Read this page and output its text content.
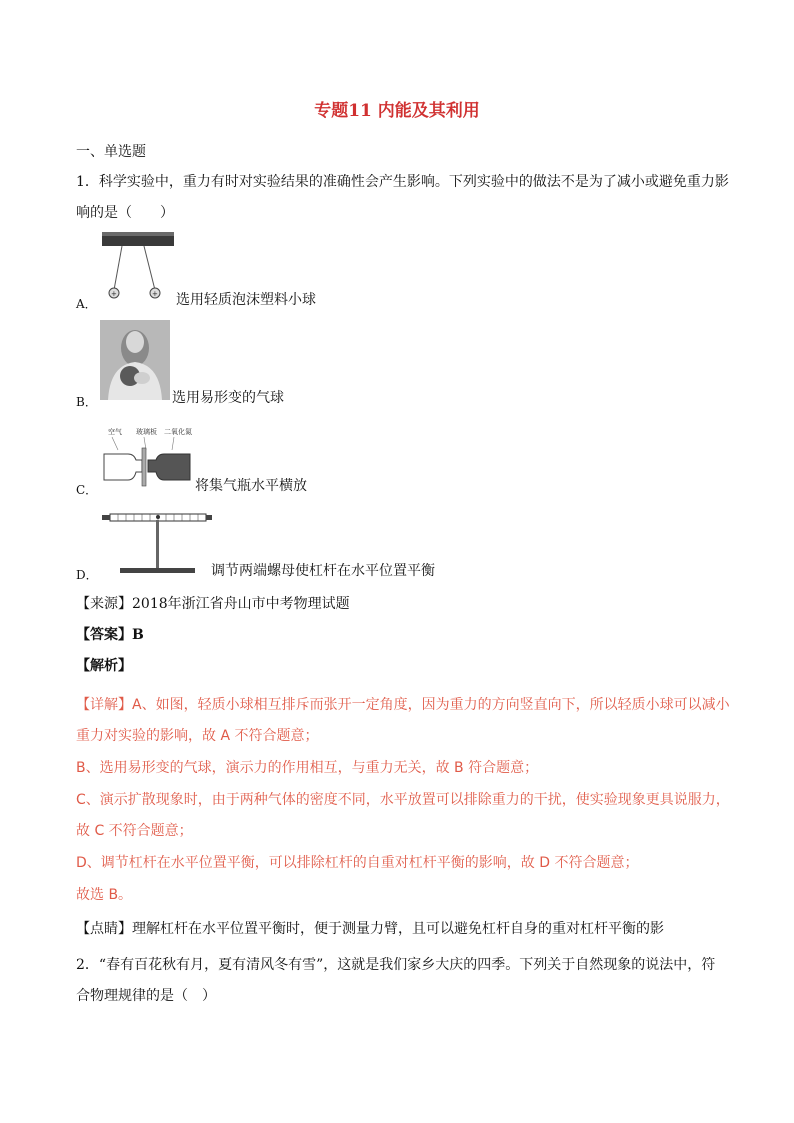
专题11 内能及其利用
一、单选题
1．科学实验中，重力有时对实验结果的准确性会产生影响。下列实验中的做法不是为了减小或避免重力影
响的是（　　）
+	+
A．	选用轻质泡沫塑料小球
B．	选用易形变的气球
空气 玻璃板 二氧化氮
C．	将集气瓶水平横放
D．	调节两端螺母使杠杆在水平位置平衡
【来源】2018年浙江省舟山市中考物理试题
【答案】B
【解析】
【详解】A、如图，轻质小球相互排斥而张开一定角度，因为重力的方向竖直向下，所以轻质小球可以减小
重力对实验的影响，故 A 不符合题意；
B、选用易形变的气球，演示力的作用相互，与重力无关，故 B 符合题意；
C、演示扩散现象时，由于两种气体的密度不同，水平放置可以排除重力的干扰，使实验现象更具说服力，
故 C 不符合题意；
D、调节杠杆在水平位置平衡，可以排除杠杆的自重对杠杆平衡的影响，故 D 不符合题意；
故选 B。
【点睛】理解杠杆在水平位置平衡时，便于测量力臂，且可以避免杠杆自身的重对杠杆平衡的影
2．“春有百花秋有月，夏有清风冬有雪”，这就是我们家乡大庆的四季。下列关于自然现象的说法中，符
合物理规律的是（　）
